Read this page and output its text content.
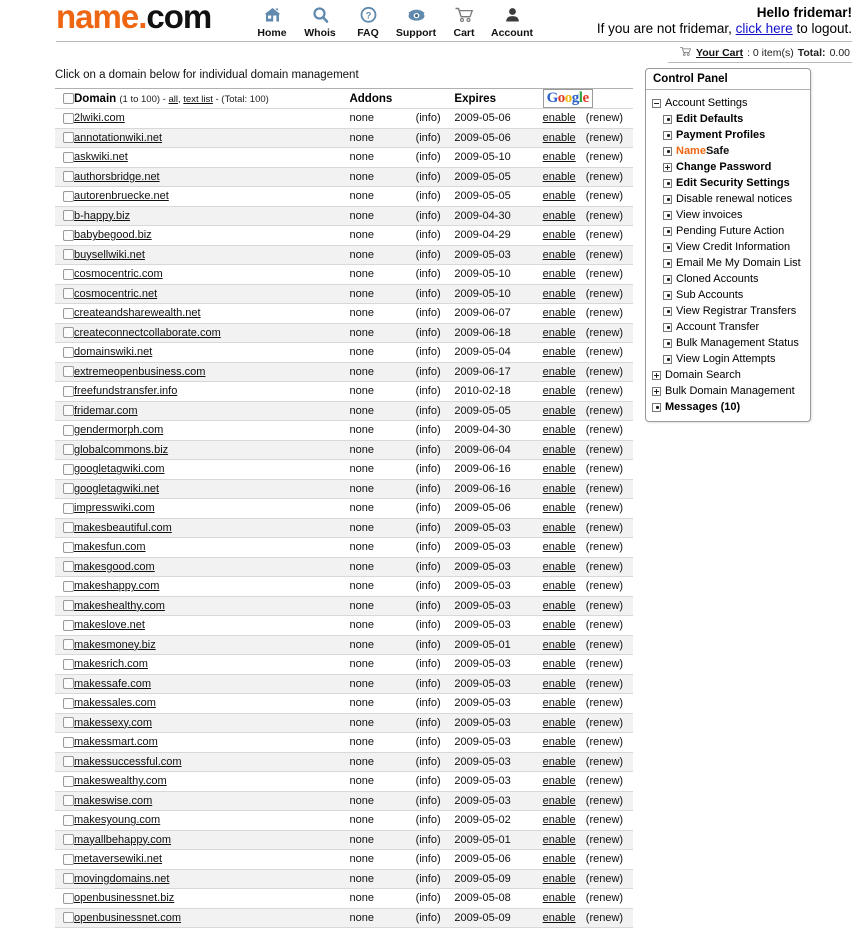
name.com	Home Whois
?
FAQ Support Cart Account
Hello fridemar!
If you are not fridemar, click here to logout.
Your Cart : 0 item(s) Total: 0.00
Click on a domain below for individual domain management
	Domain (1 to 100) - all, text list - (Total: 100)	Addons		Expires	Google	
	2lwiki.com	none	(info)	2009-05-06	enable	(renew)
	annotationwiki.net	none	(info)	2009-05-06	enable	(renew)
	askwiki.net	none	(info)	2009-05-10	enable	(renew)
	authorsbridge.net	none	(info)	2009-05-05	enable	(renew)
	autorenbruecke.net	none	(info)	2009-05-05	enable	(renew)
	b-happy.biz	none	(info)	2009-04-30	enable	(renew)
	babybegood.biz	none	(info)	2009-04-29	enable	(renew)
	buysellwiki.net	none	(info)	2009-05-03	enable	(renew)
	cosmocentric.com	none	(info)	2009-05-10	enable	(renew)
	cosmocentric.net	none	(info)	2009-05-10	enable	(renew)
	createandsharewealth.net	none	(info)	2009-06-07	enable	(renew)
	createconnectcollaborate.com	none	(info)	2009-06-18	enable	(renew)
	domainswiki.net	none	(info)	2009-05-04	enable	(renew)
	extremeopenbusiness.com	none	(info)	2009-06-17	enable	(renew)
	freefundstransfer.info	none	(info)	2010-02-18	enable	(renew)
	fridemar.com	none	(info)	2009-05-05	enable	(renew)
	gendermorph.com	none	(info)	2009-04-30	enable	(renew)
	globalcommons.biz	none	(info)	2009-06-04	enable	(renew)
	googletagwiki.com	none	(info)	2009-06-16	enable	(renew)
	googletagwiki.net	none	(info)	2009-06-16	enable	(renew)
	impresswiki.com	none	(info)	2009-05-06	enable	(renew)
	makesbeautiful.com	none	(info)	2009-05-03	enable	(renew)
	makesfun.com	none	(info)	2009-05-03	enable	(renew)
	makesgood.com	none	(info)	2009-05-03	enable	(renew)
	makeshappy.com	none	(info)	2009-05-03	enable	(renew)
	makeshealthy.com	none	(info)	2009-05-03	enable	(renew)
	makeslove.net	none	(info)	2009-05-03	enable	(renew)
	makesmoney.biz	none	(info)	2009-05-01	enable	(renew)
	makesrich.com	none	(info)	2009-05-03	enable	(renew)
	makessafe.com	none	(info)	2009-05-03	enable	(renew)
	makessales.com	none	(info)	2009-05-03	enable	(renew)
	makessexy.com	none	(info)	2009-05-03	enable	(renew)
	makessmart.com	none	(info)	2009-05-03	enable	(renew)
	makessuccessful.com	none	(info)	2009-05-03	enable	(renew)
	makeswealthy.com	none	(info)	2009-05-03	enable	(renew)
	makeswise.com	none	(info)	2009-05-03	enable	(renew)
	makesyoung.com	none	(info)	2009-05-02	enable	(renew)
	mayallbehappy.com	none	(info)	2009-05-01	enable	(renew)
	metaversewiki.net	none	(info)	2009-05-06	enable	(renew)
	movingdomains.net	none	(info)	2009-05-09	enable	(renew)
	openbusinessnet.biz	none	(info)	2009-05-08	enable	(renew)
	openbusinessnet.com	none	(info)	2009-05-09	enable	(renew)
Control Panel
Account Settings
Edit Defaults
Payment Profiles
NameSafe
Change Password
Edit Security Settings
Disable renewal notices
View invoices
Pending Future Action
View Credit Information
Email Me My Domain List
Cloned Accounts
Sub Accounts
View Registrar Transfers
Account Transfer
Bulk Management Status
View Login Attempts
Domain Search
Bulk Domain Management
Messages (10)
